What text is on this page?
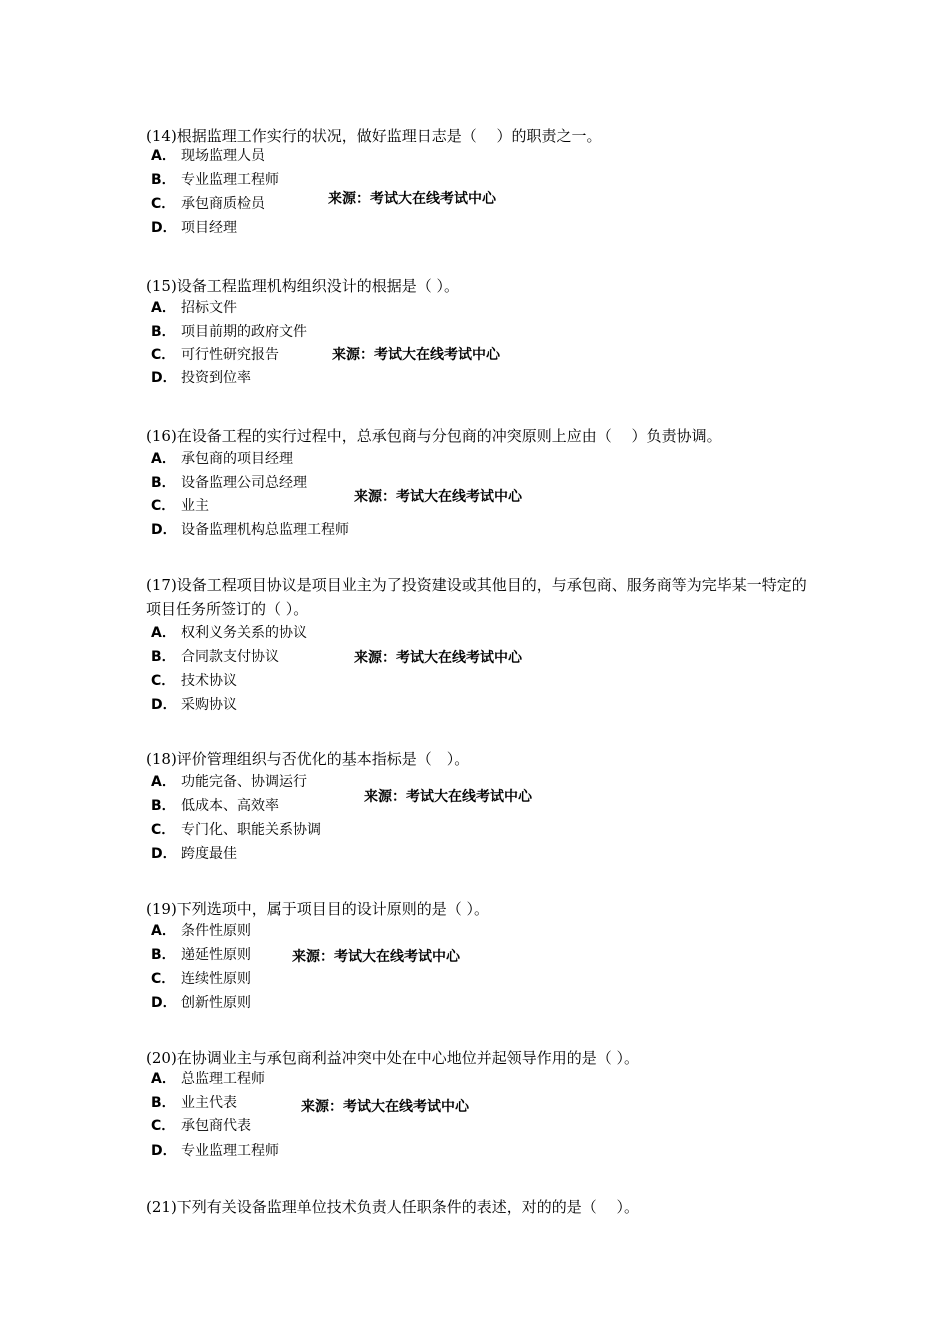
(14)根据监理工作实行的状况，做好监理日志是（　 ）的职责之一。
A． 现场监理人员
B． 专业监理工程师
C． 承包商质检员
D． 项目经理
来源：考试大在线考试中心
(15)设备工程监理机构组织没计的根据是（ ）。
A． 招标文件
B． 项目前期的政府文件
C． 可行性研究报告
D． 投资到位率
来源：考试大在线考试中心
(16)在设备工程的实行过程中，总承包商与分包商的冲突原则上应由（　 ）负责协调。
A． 承包商的项目经理
B． 设备监理公司总经理
C． 业主
D． 设备监理机构总监理工程师
来源：考试大在线考试中心
(17)设备工程项目协议是项目业主为了投资建设或其他目的，与承包商、服务商等为完毕某一特定的项目任务所签订的（ ）。
A． 权利义务关系的协议
B． 合同款支付协议
C． 技术协议
D． 采购协议
来源：考试大在线考试中心
(18)评价管理组织与否优化的基本指标是（　）。
A． 功能完备、协调运行
B． 低成本、高效率
C． 专门化、职能关系协调
D． 跨度最佳
来源：考试大在线考试中心
(19)下列选项中，属于项目目的设计原则的是（ ）。
A． 条件性原则
B． 递延性原则
C． 连续性原则
D． 创新性原则
来源：考试大在线考试中心
(20)在协调业主与承包商利益冲突中处在中心地位并起领导作用的是（ ）。
A． 总监理工程师
B． 业主代表
C． 承包商代表
D． 专业监理工程师
来源：考试大在线考试中心
(21)下列有关设备监理单位技术负责人任职条件的表述，对的的是（　 ）。
